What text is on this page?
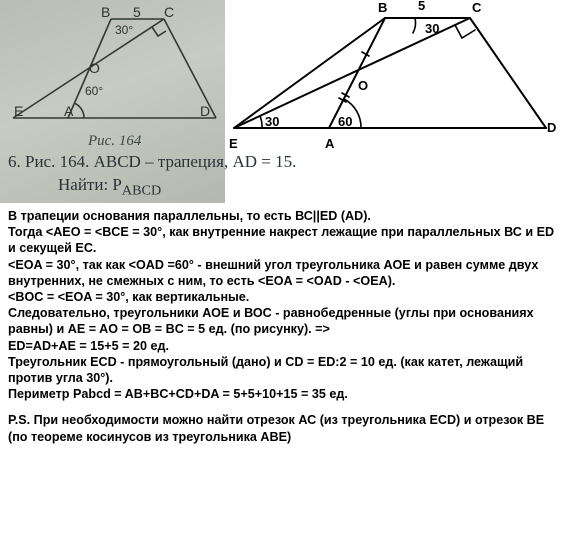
B 5 C
30°
O
60°
E	A	D
Рис. 164
6. Рис. 164. ABCD – трапеция, AD = 15.
Найти: $P_{ABCD}$
B 5	C
30
O
E	A
D
30	60

В трапеции основания параллельны, то есть ВС||ED (AD).

Тогда <AEO = <BCE = 30°, как внутренние накрест лежащие при параллельных ВС и ED и секущей ЕС.

<EOA = 30°, так как <OAD =60° - внешний угол треугольника АОЕ и равен сумме двух внутренних, не смежных с ним, то есть <EOA = <OAD - <OEA).

<BOC = <EOA = 30°, как вертикальные.

Следовательно, треугольники АОЕ и ВОС - равнобедренные (углы при основаниях равны) и AE = AO = OB = BC = 5 ед. (по рисунку). =>

ED=AD+AE = 15+5 = 20 ед.

Треугольник ECD - прямоугольный (дано) и CD = ED:2 = 10 ед. (как катет, лежащий против угла 30°).

Периметр Pabcd = AB+BC+CD+DA = 5+5+10+15 = 35 ед.

P.S. При необходимости можно найти отрезок АС (из треугольника ECD) и отрезок ВЕ (по теореме косинусов из треугольника АВЕ)
